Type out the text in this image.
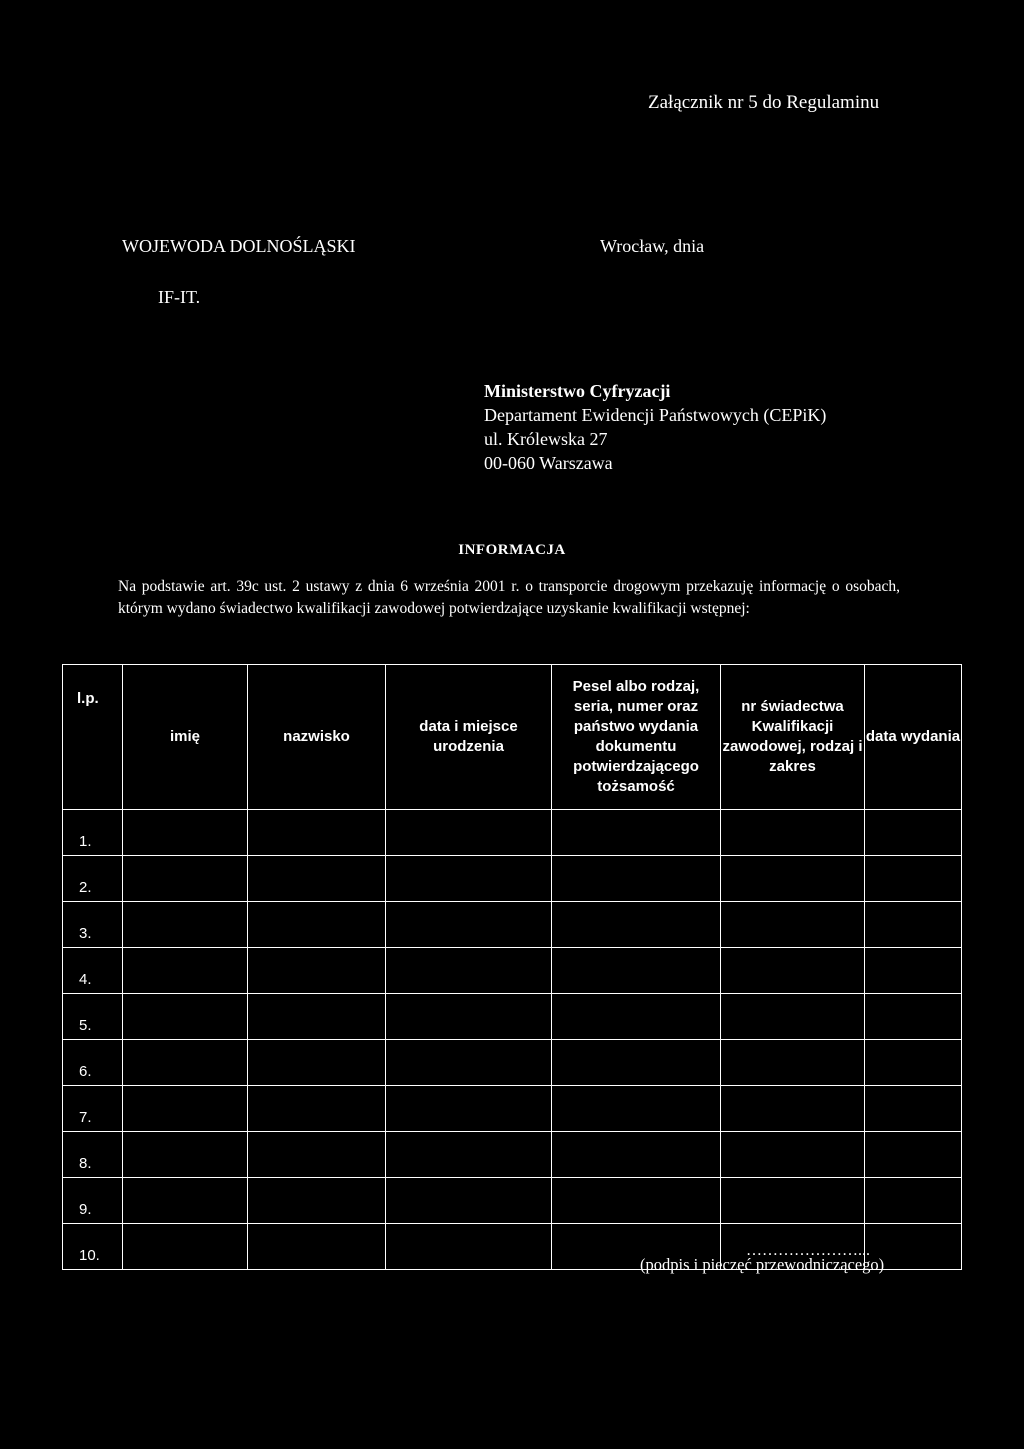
Załącznik nr 5 do Regulaminu
WOJEWODA DOLNOŚLĄSKI	Wrocław, dnia
IF-IT.
Ministerstwo Cyfryzacji
Departament Ewidencji Państwowych (CEPiK)
ul. Królewska 27
00-060 Warszawa
INFORMACJA
Na podstawie art. 39c ust. 2 ustawy z dnia 6 września 2001 r. o transporcie drogowym przekazuję informację o osobach, którym wydano świadectwo kwalifikacji zawodowej potwierdzające uzyskanie kwalifikacji wstępnej:
l.p.	imię	nazwisko	data i miejsce urodzenia	Pesel albo rodzaj, seria, numer oraz państwo wydania dokumentu potwierdzającego tożsamość	nr świadectwa Kwalifikacji zawodowej, rodzaj i zakres	data wydania
1.						
2.						
3.						
4.						
5.						
6.						
7.						
8.						
9.						
10.							…………………...
(podpis i pieczęć przewodniczącego)
